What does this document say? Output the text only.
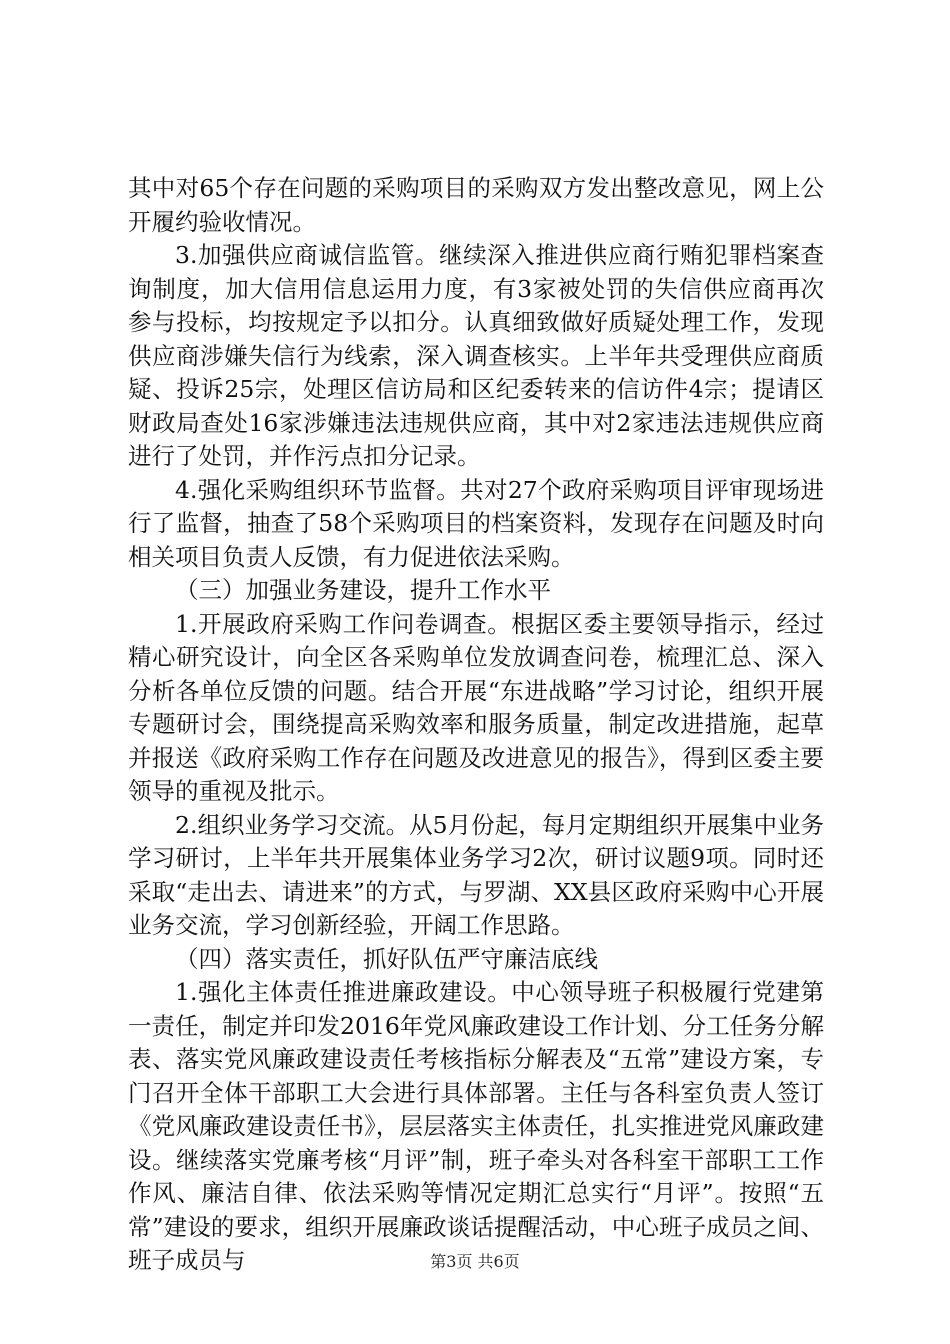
其中对65个存在问题的采购项目的采购双方发出整改意见，网上公开履约验收情况。

3.加强供应商诚信监管。继续深入推进供应商行贿犯罪档案查询制度，加大信用信息运用力度，有3家被处罚的失信供应商再次参与投标，均按规定予以扣分。认真细致做好质疑处理工作，发现供应商涉嫌失信行为线索，深入调查核实。上半年共受理供应商质疑、投诉25宗，处理区信访局和区纪委转来的信访件4宗；提请区财政局查处16家涉嫌违法违规供应商，其中对2家违法违规供应商进行了处罚，并作污点扣分记录。

4.强化采购组织环节监督。共对27个政府采购项目评审现场进行了监督，抽查了58个采购项目的档案资料，发现存在问题及时向相关项目负责人反馈，有力促进依法采购。

（三）加强业务建设，提升工作水平

1.开展政府采购工作问卷调查。根据区委主要领导指示，经过精心研究设计，向全区各采购单位发放调查问卷，梳理汇总、深入分析各单位反馈的问题。结合开展“东进战略”学习讨论，组织开展专题研讨会，围绕提高采购效率和服务质量，制定改进措施，起草并报送《政府采购工作存在问题及改进意见的报告》，得到区委主要领导的重视及批示。

2.组织业务学习交流。从5月份起，每月定期组织开展集中业务学习研讨，上半年共开展集体业务学习2次，研讨议题9项。同时还采取“走出去、请进来”的方式，与罗湖、XX县区政府采购中心开展业务交流，学习创新经验，开阔工作思路。

（四）落实责任，抓好队伍严守廉洁底线

1.强化主体责任推进廉政建设。中心领导班子积极履行党建第一责任，制定并印发2016年党风廉政建设工作计划、分工任务分解表、落实党风廉政建设责任考核指标分解表及“五常”建设方案，专门召开全体干部职工大会进行具体部署。主任与各科室负责人签订《党风廉政建设责任书》，层层落实主体责任，扎实推进党风廉政建设。继续落实党廉考核“月评”制，班子牵头对各科室干部职工工作作风、廉洁自律、依法采购等情况定期汇总实行“月评”。按照“五常”建设的要求，组织开展廉政谈话提醒活动，中心班子成员之间、班子成员与	第3页 共6页
